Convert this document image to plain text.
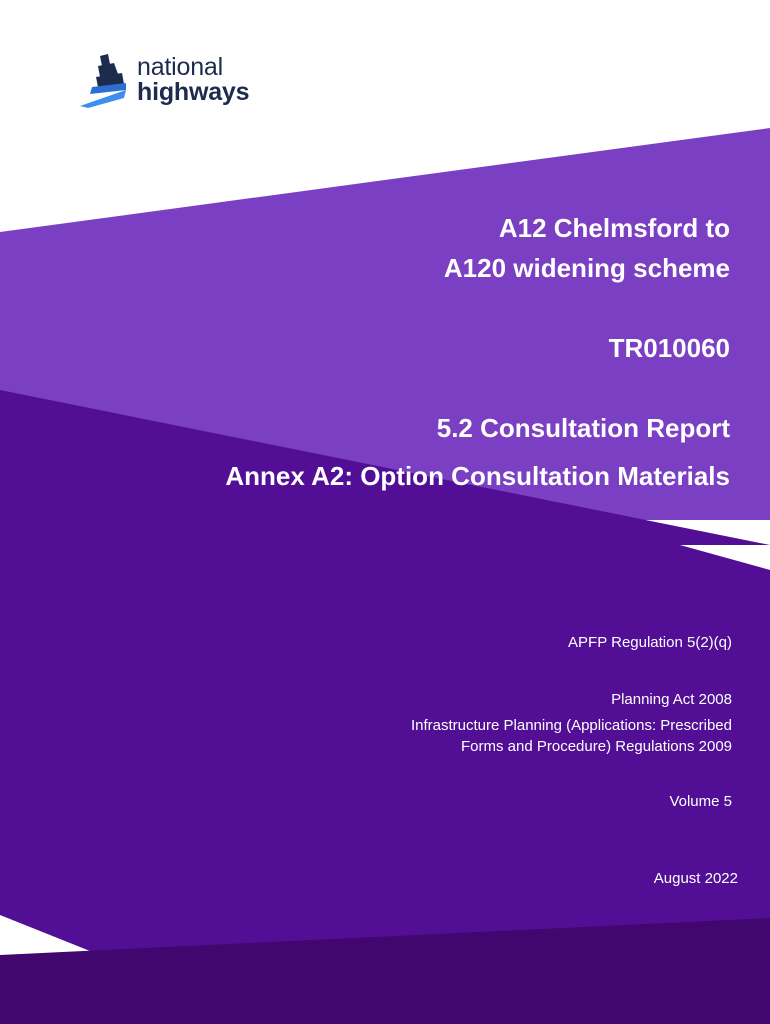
national
highways
A12 Chelmsford to
A120 widening scheme
TR010060
5.2 Consultation Report
Annex A2: Option Consultation Materials
APFP Regulation 5(2)(q)
Planning Act 2008
Infrastructure Planning (Applications: Prescribed
Forms and Procedure) Regulations 2009
Volume 5
August 2022
